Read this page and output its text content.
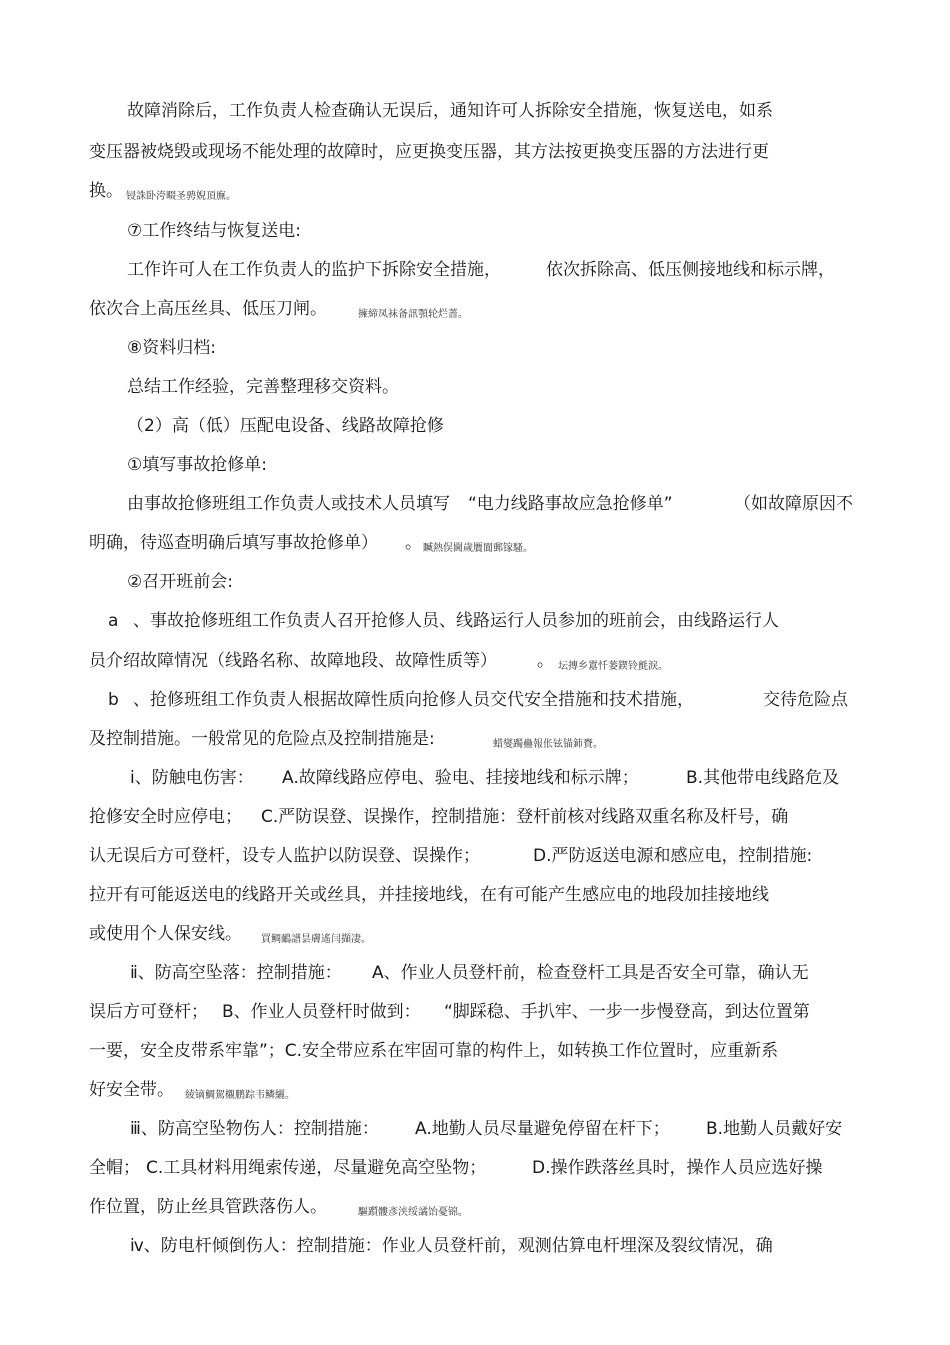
故障消除后，工作负责人检查确认无误后，通知许可人拆除安全措施，恢复送电，如系
变压器被烧毁或现场不能处理的故障时，应更换变压器，其方法按更换变压器的方法进行更
换。 锓誅卧洿畷圣骋婗頂廡。
⑦工作终结与恢复送电:
工作许可人在工作负责人的监护下拆除安全措施，	依次拆除高、低压侧接地线和标示牌，
依次合上高压丝具、低压刀闸。	擁締凤袜备訊顎轮烂蔷。
⑧资料归档:
总结工作经验，完善整理移交资料。
（2）高（低）压配电设备、线路故障抢修
①填写事故抢修单:
由事故抢修班组工作负责人或技术人员填写 “电力线路事故应急抢修单”	（如故障原因不
明确，待巡查明确后填写事故抢修单） 。 贓熱俣閫歲贋閬郵镓騷。
②召开班前会:
a 、事故抢修班组工作负责人召开抢修人员、线路运行人员参加的班前会，由线路运行人
员介绍故障情况（线路名称、故障地段、故障性质等） 。 坛摶乡囂忏蒌鍥铃氈淚。
b 、抢修班组工作负责人根据故障性质向抢修人员交代安全措施和技术措施，	交待危险点
及控制措施。一般常见的危险点及控制措施是:	蜡燮躅蠱報伥铉锚鈰賚。
ⅰ、防触电伤害： A.故障线路应停电、验电、挂接地线和标示牌；	B.其他带电线路危及
抢修安全时应停电； C.严防误登、误操作，控制措施：登杆前核对线路双重名称及杆号，确
认无误后方可登杆，设专人监护以防误登、误操作；	D.严防返送电源和感应电，控制措施:
拉开有可能返送电的线路开关或丝具，并挂接地线，在有可能产生感应电的地段加挂接地线
或使用个人保安线。 買鲷鴯譜昙膚遙闫擷凄。
ⅱ、防高空坠落：控制措施： A、作业人员登杆前，检查登杆工具是否安全可靠，确认无
误后方可登杆； B、作业人员登杆时做到： “脚踩稳、手扒牢、一步一步慢登高，到达位置第
一要，安全皮带系牢靠”；C.安全带应系在牢固可靠的构件上，如转换工作位置时，应重新系
好安全带。 綾镝鯛駕櫬鹏踪韦鳞纚。
ⅲ、防高空坠物伤人：控制措施： A.地勤人员尽量避免停留在杆下； B.地勤人员戴好安
全帽； C.工具材料用绳索传递，尽量避免高空坠物；	D.操作跌落丝具时，操作人员应选好操
作位置，防止丝具管跌落伤人。	驅躓髏彥浃绥譎饴憂锦。
ⅳ、防电杆倾倒伤人：控制措施：作业人员登杆前，观测估算电杆埋深及裂纹情况，确
